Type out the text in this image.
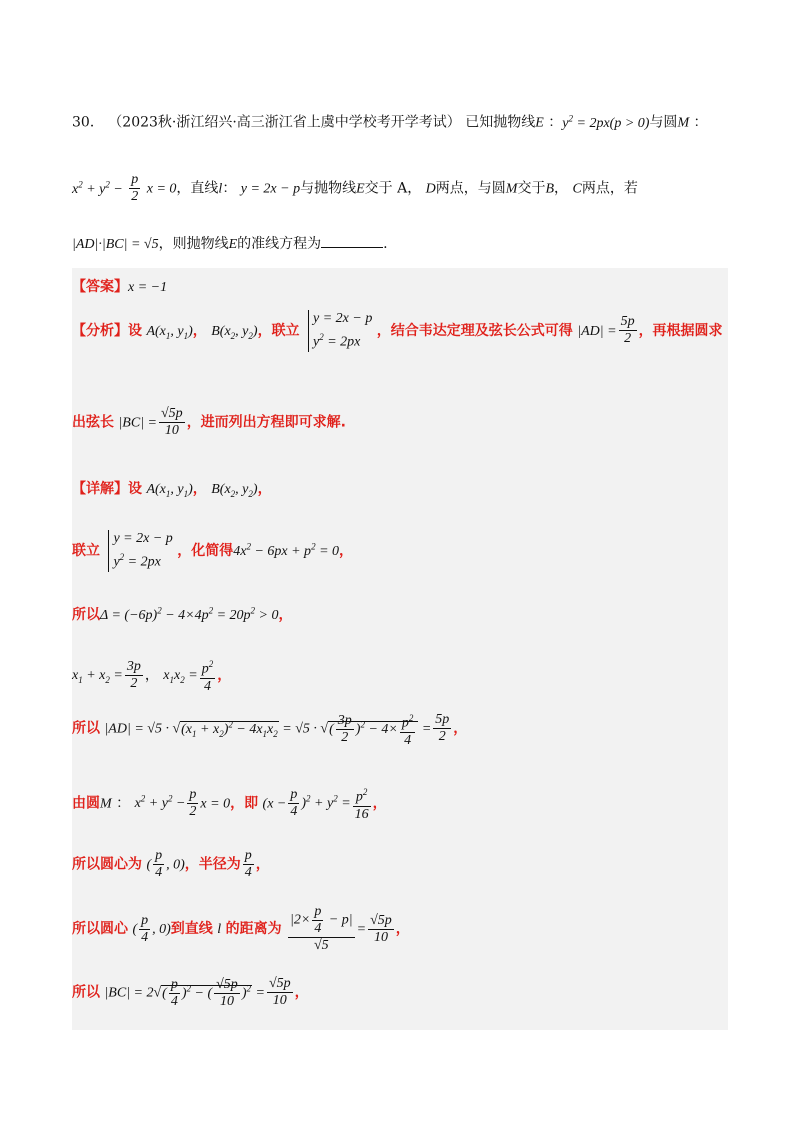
30． （2023秋·浙江绍兴·高三浙江省上虞中学校考开学考试） 已知抛物线E ：$y^2 = 2px(p > 0)$与圆M ：
$x^2 + y^2 - \frac{p}{2}$ x = 0，直线l： y = 2x − p与抛物线E交于 A， D两点，与圆M交于B， C两点，若
|AD|·|BC| = √5，则抛物线E的准线方程为	.
【答案】x = −1
【分析】设 $A(x_1$, $y_1$)， $B(x_2$, $y_2$)，联立 y = 2x − p
$y^2 = 2px$ ，结合韦达定理及弦长公式可得 $|AD| = \frac{5p}{2}$ ，再根据圆求
出弦长 $|BC| = \frac{√5p}{10}$ ，进而列出方程即可求解.
【详解】设 $A(x_1$, $y_1$)， $B(x_2$, $y_2$)，
联立 y = 2x − p
$y^2 = 2px$ ，化简得$4x^2 - 6px + p^2 = 0$，
所以$\Delta = (-6p)^2 - 4\times 4p^2 = 20p^2 > 0$，
$x_1 + x_2 = \frac{3p}{2}$ ， $x_1x_2 = \frac{p^2}{4}$ ，
所以 $|AD| = √5 \cdot √(x_1 + x_2)^2 - 4x_1x_2 = √5$ · √( $\frac{3p}{2} )^2 - 4\times \frac{p^2}{4} = \frac{5p}{2}$ ，
由圆M ： $x^2 + y^2 - \frac{p}{2}$ x = 0，即 $(x - \frac{p}{4} )^2 + y^2 = \frac{p^2}{16}$ ，
所以圆心为 ( $\frac{p}{4}$ , 0)，半径为 $\frac{p}{4}$ ，
所以圆心 ( $\frac{p}{4}$ , 0)到直线 l 的距离为 $\frac{|2\times \frac{p}{4} - p|}{√5} = \frac{√5p}{10}$ ，
所以 $|BC| = 2√( \frac{p}{4} )^2$ − ( $\frac{√5p}{10} )^2 = \frac{√5p}{10}$ ，
